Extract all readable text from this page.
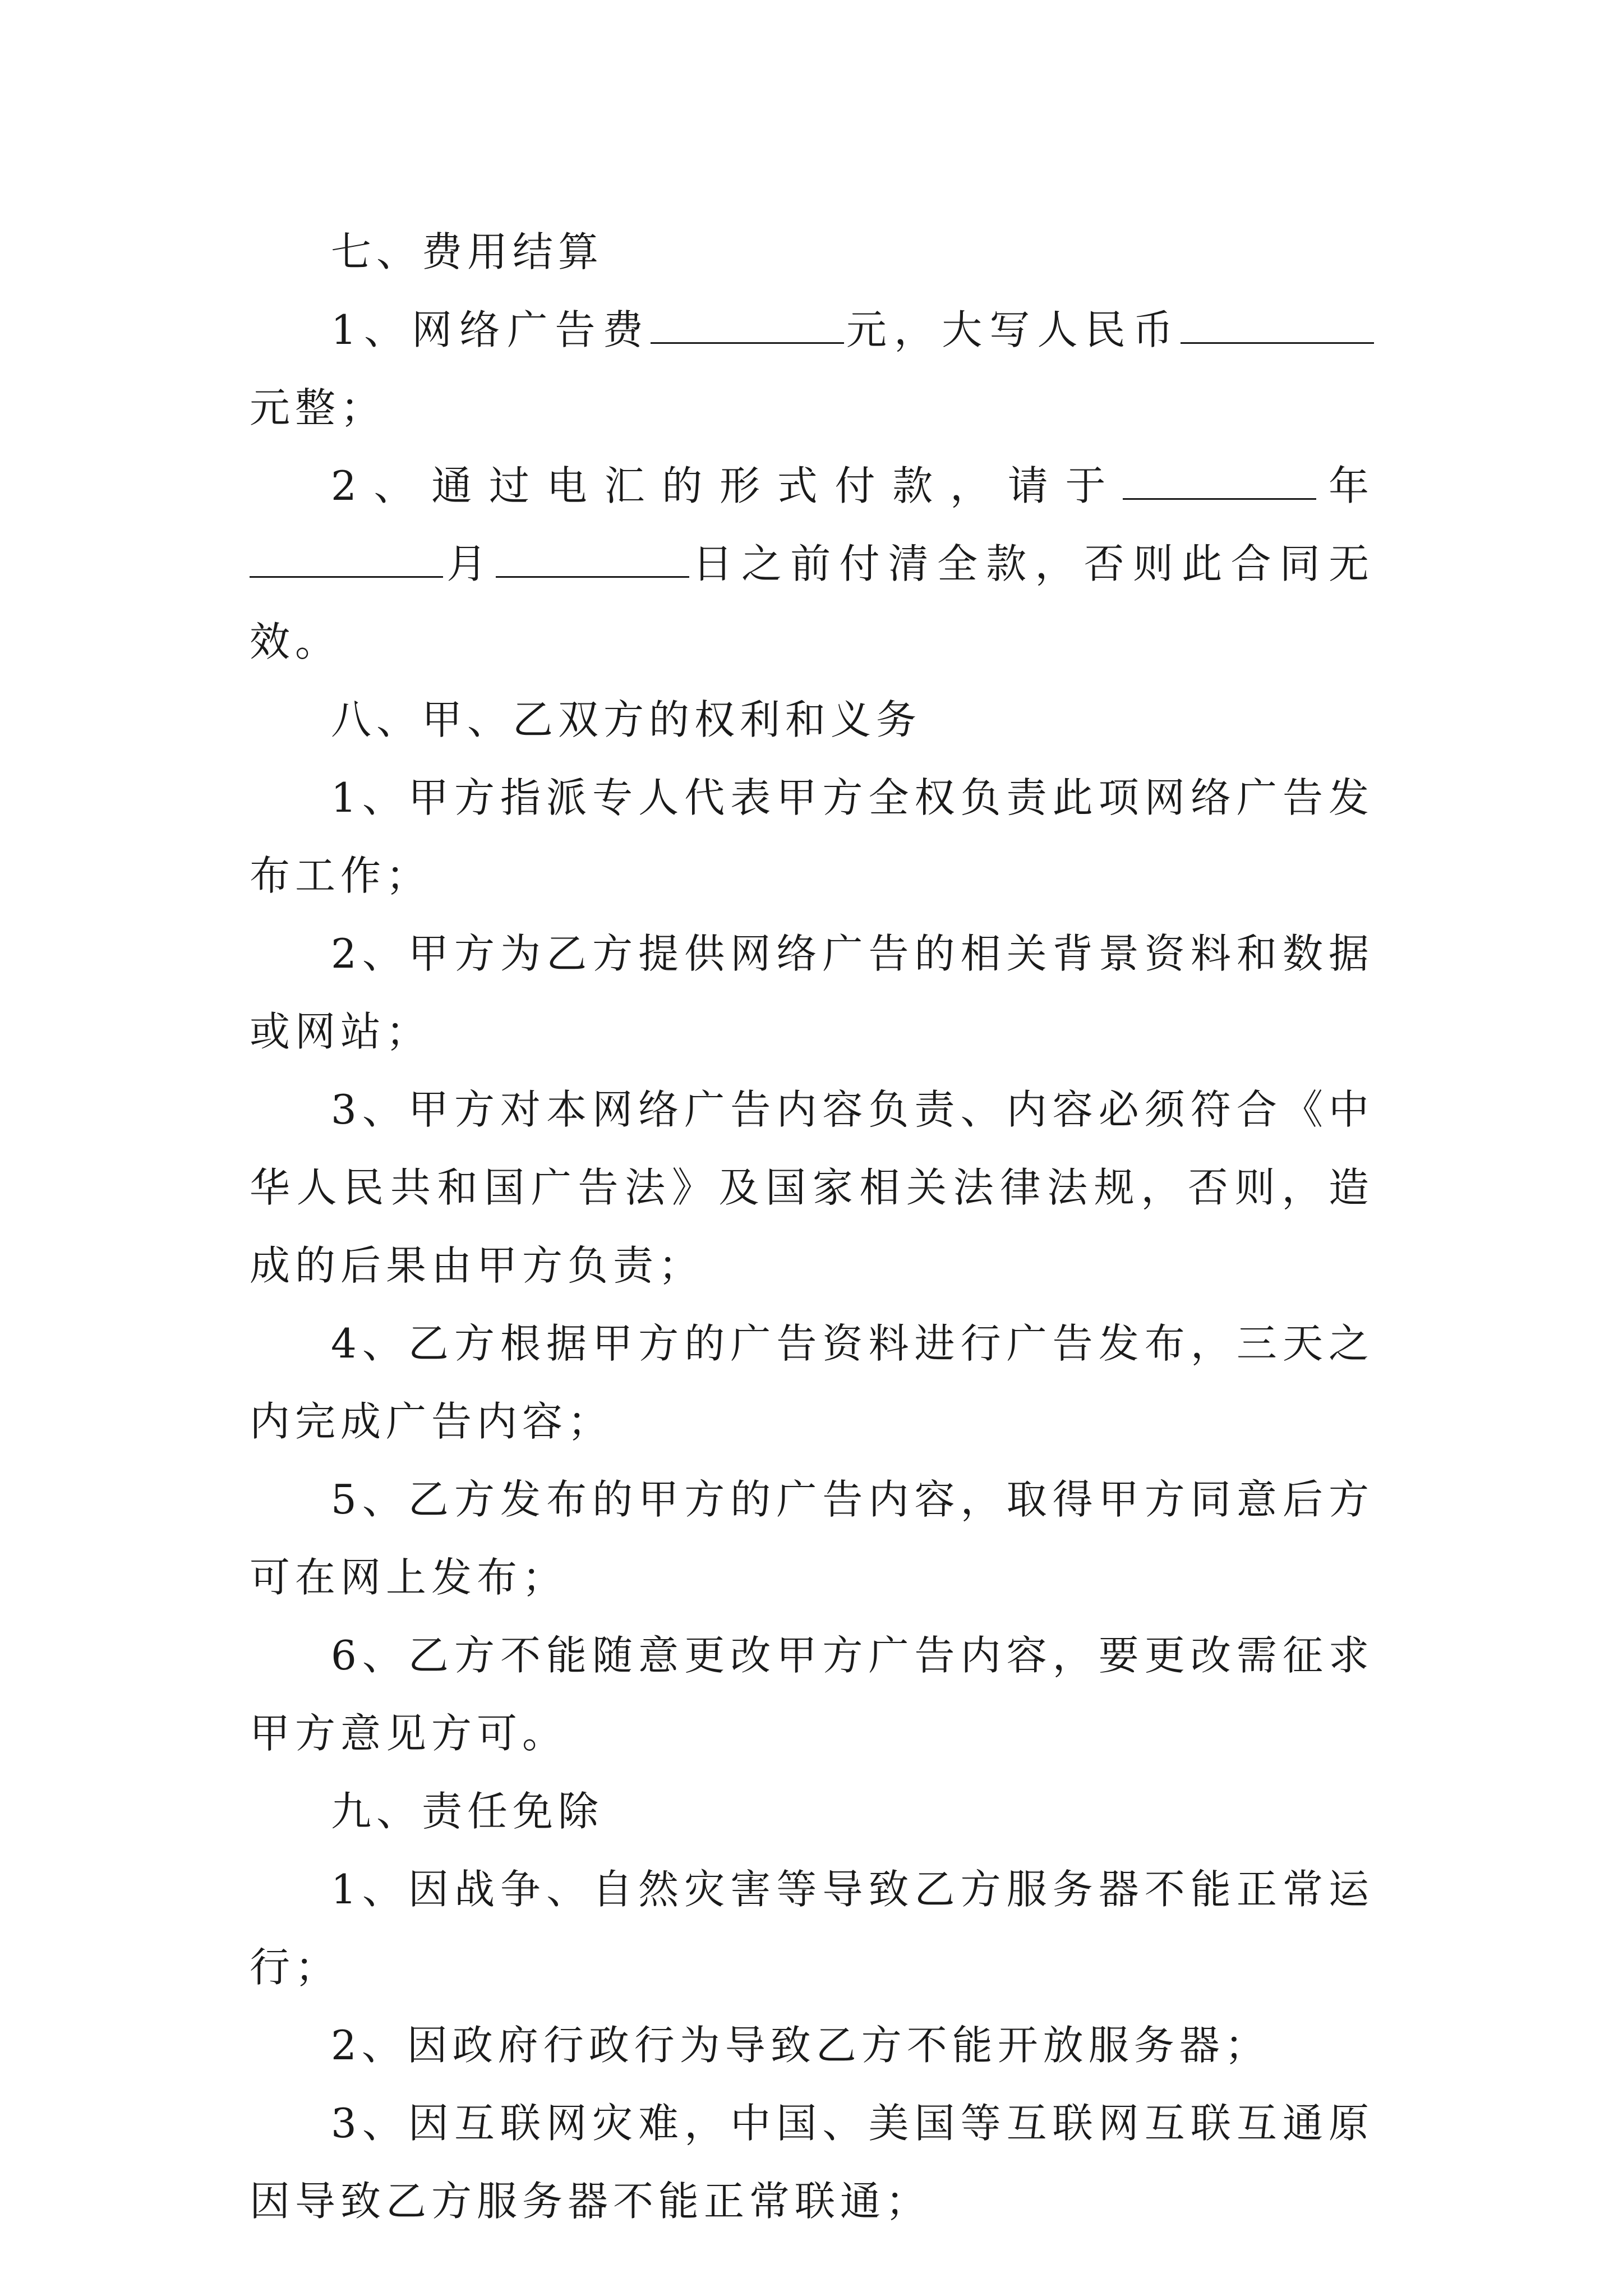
七、费用结算

1、网络广告费	元，大写人民币元整；

2、通过电汇的形式付款，请于	年月	日之前付清全款，否则此合同无效。

八、甲、乙双方的权利和义务

1、甲方指派专人代表甲方全权负责此项网络广告发布工作；

2、甲方为乙方提供网络广告的相关背景资料和数据或网站；

3、甲方对本网络广告内容负责、内容必须符合《中华人民共和国广告法》及国家相关法律法规，否则，造成的后果由甲方负责；

4、乙方根据甲方的广告资料进行广告发布，三天之内完成广告内容；

5、乙方发布的甲方的广告内容，取得甲方同意后方可在网上发布；

6、乙方不能随意更改甲方广告内容，要更改需征求甲方意见方可。

九、责任免除

1、因战争、自然灾害等导致乙方服务器不能正常运行；

2、因政府行政行为导致乙方不能开放服务器；

3、因互联网灾难，中国、美国等互联网互联互通原因导致乙方服务器不能正常联通；
